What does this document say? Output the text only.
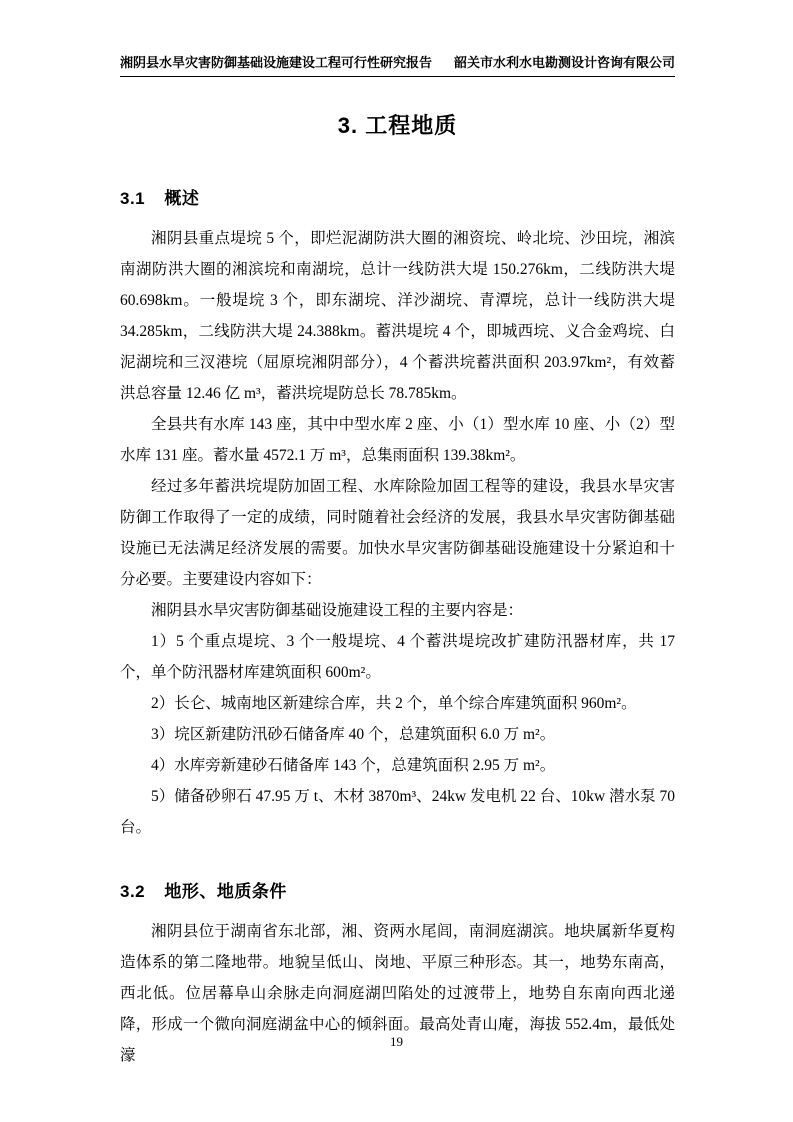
湘阴县水旱灾害防御基础设施建设工程可行性研究报告 韶关市水利水电勘测设计咨询有限公司
3. 工程地质
3.1 概述

湘阴县重点堤垸 5 个，即烂泥湖防洪大圈的湘资垸、岭北垸、沙田垸，湘滨南湖防洪大圈的湘滨垸和南湖垸，总计一线防洪大堤 150.276km，二线防洪大堤 60.698km。一般堤垸 3 个，即东湖垸、洋沙湖垸、青潭垸，总计一线防洪大堤 34.285km，二线防洪大堤 24.388km。蓄洪堤垸 4 个，即城西垸、义合金鸡垸、白泥湖垸和三汊港垸（屈原垸湘阴部分），4 个蓄洪垸蓄洪面积 203.97km²，有效蓄洪总容量 12.46 亿 m³，蓄洪垸堤防总长 78.785km。

全县共有水库 143 座，其中中型水库 2 座、小（1）型水库 10 座、小（2）型水库 131 座。蓄水量 4572.1 万 m³，总集雨面积 139.38km²。

经过多年蓄洪垸堤防加固工程、水库除险加固工程等的建设，我县水旱灾害防御工作取得了一定的成绩，同时随着社会经济的发展，我县水旱灾害防御基础设施已无法满足经济发展的需要。加快水旱灾害防御基础设施建设十分紧迫和十分必要。主要建设内容如下：

湘阴县水旱灾害防御基础设施建设工程的主要内容是：

1）5 个重点堤垸、3 个一般堤垸、4 个蓄洪堤垸改扩建防汛器材库，共 17 个，单个防汛器材库建筑面积 600m²。

2）长仑、城南地区新建综合库，共 2 个，单个综合库建筑面积 960m²。

3）垸区新建防汛砂石储备库 40 个，总建筑面积 6.0 万 m²。

4）水库旁新建砂石储备库 143 个，总建筑面积 2.95 万 m²。

5）储备砂卵石 47.95 万 t、木材 3870m³、24kw 发电机 22 台、10kw 潜水泵 70 台。

3.2 地形、地质条件

湘阴县位于湖南省东北部，湘、资两水尾闾，南洞庭湖滨。地块属新华夏构造体系的第二隆地带。地貌呈低山、岗地、平原三种形态。其一，地势东南高，西北低。位居幕阜山余脉走向洞庭湖凹陷处的过渡带上，地势自东南向西北递降，形成一个微向洞庭湖盆中心的倾斜面。最高处青山庵，海拔 552.4m，最低处濠

19
